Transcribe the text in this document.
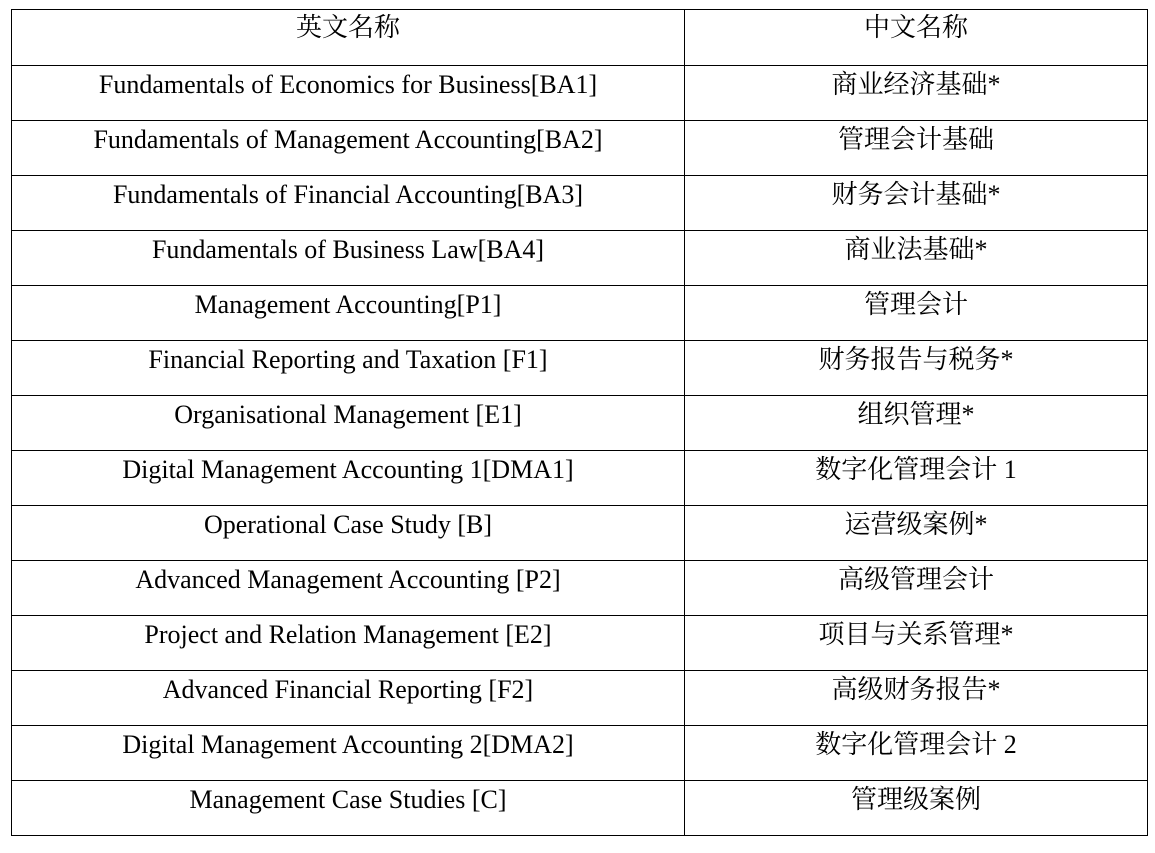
英文名称	中文名称
Fundamentals of Economics for Business[BA1]	商业经济基础*
Fundamentals of Management Accounting[BA2]	管理会计基础
Fundamentals of Financial Accounting[BA3]	财务会计基础*
Fundamentals of Business Law[BA4]	商业法基础*
Management Accounting[P1]	管理会计
Financial Reporting and Taxation [F1]	财务报告与税务*
Organisational Management [E1]	组织管理*
Digital Management Accounting 1[DMA1]	数字化管理会计 1
Operational Case Study [B]	运营级案例*
Advanced Management Accounting [P2]	高级管理会计
Project and Relation Management [E2]	项目与关系管理*
Advanced Financial Reporting [F2]	高级财务报告*
Digital Management Accounting 2[DMA2]	数字化管理会计 2
Management Case Studies [C]	管理级案例
